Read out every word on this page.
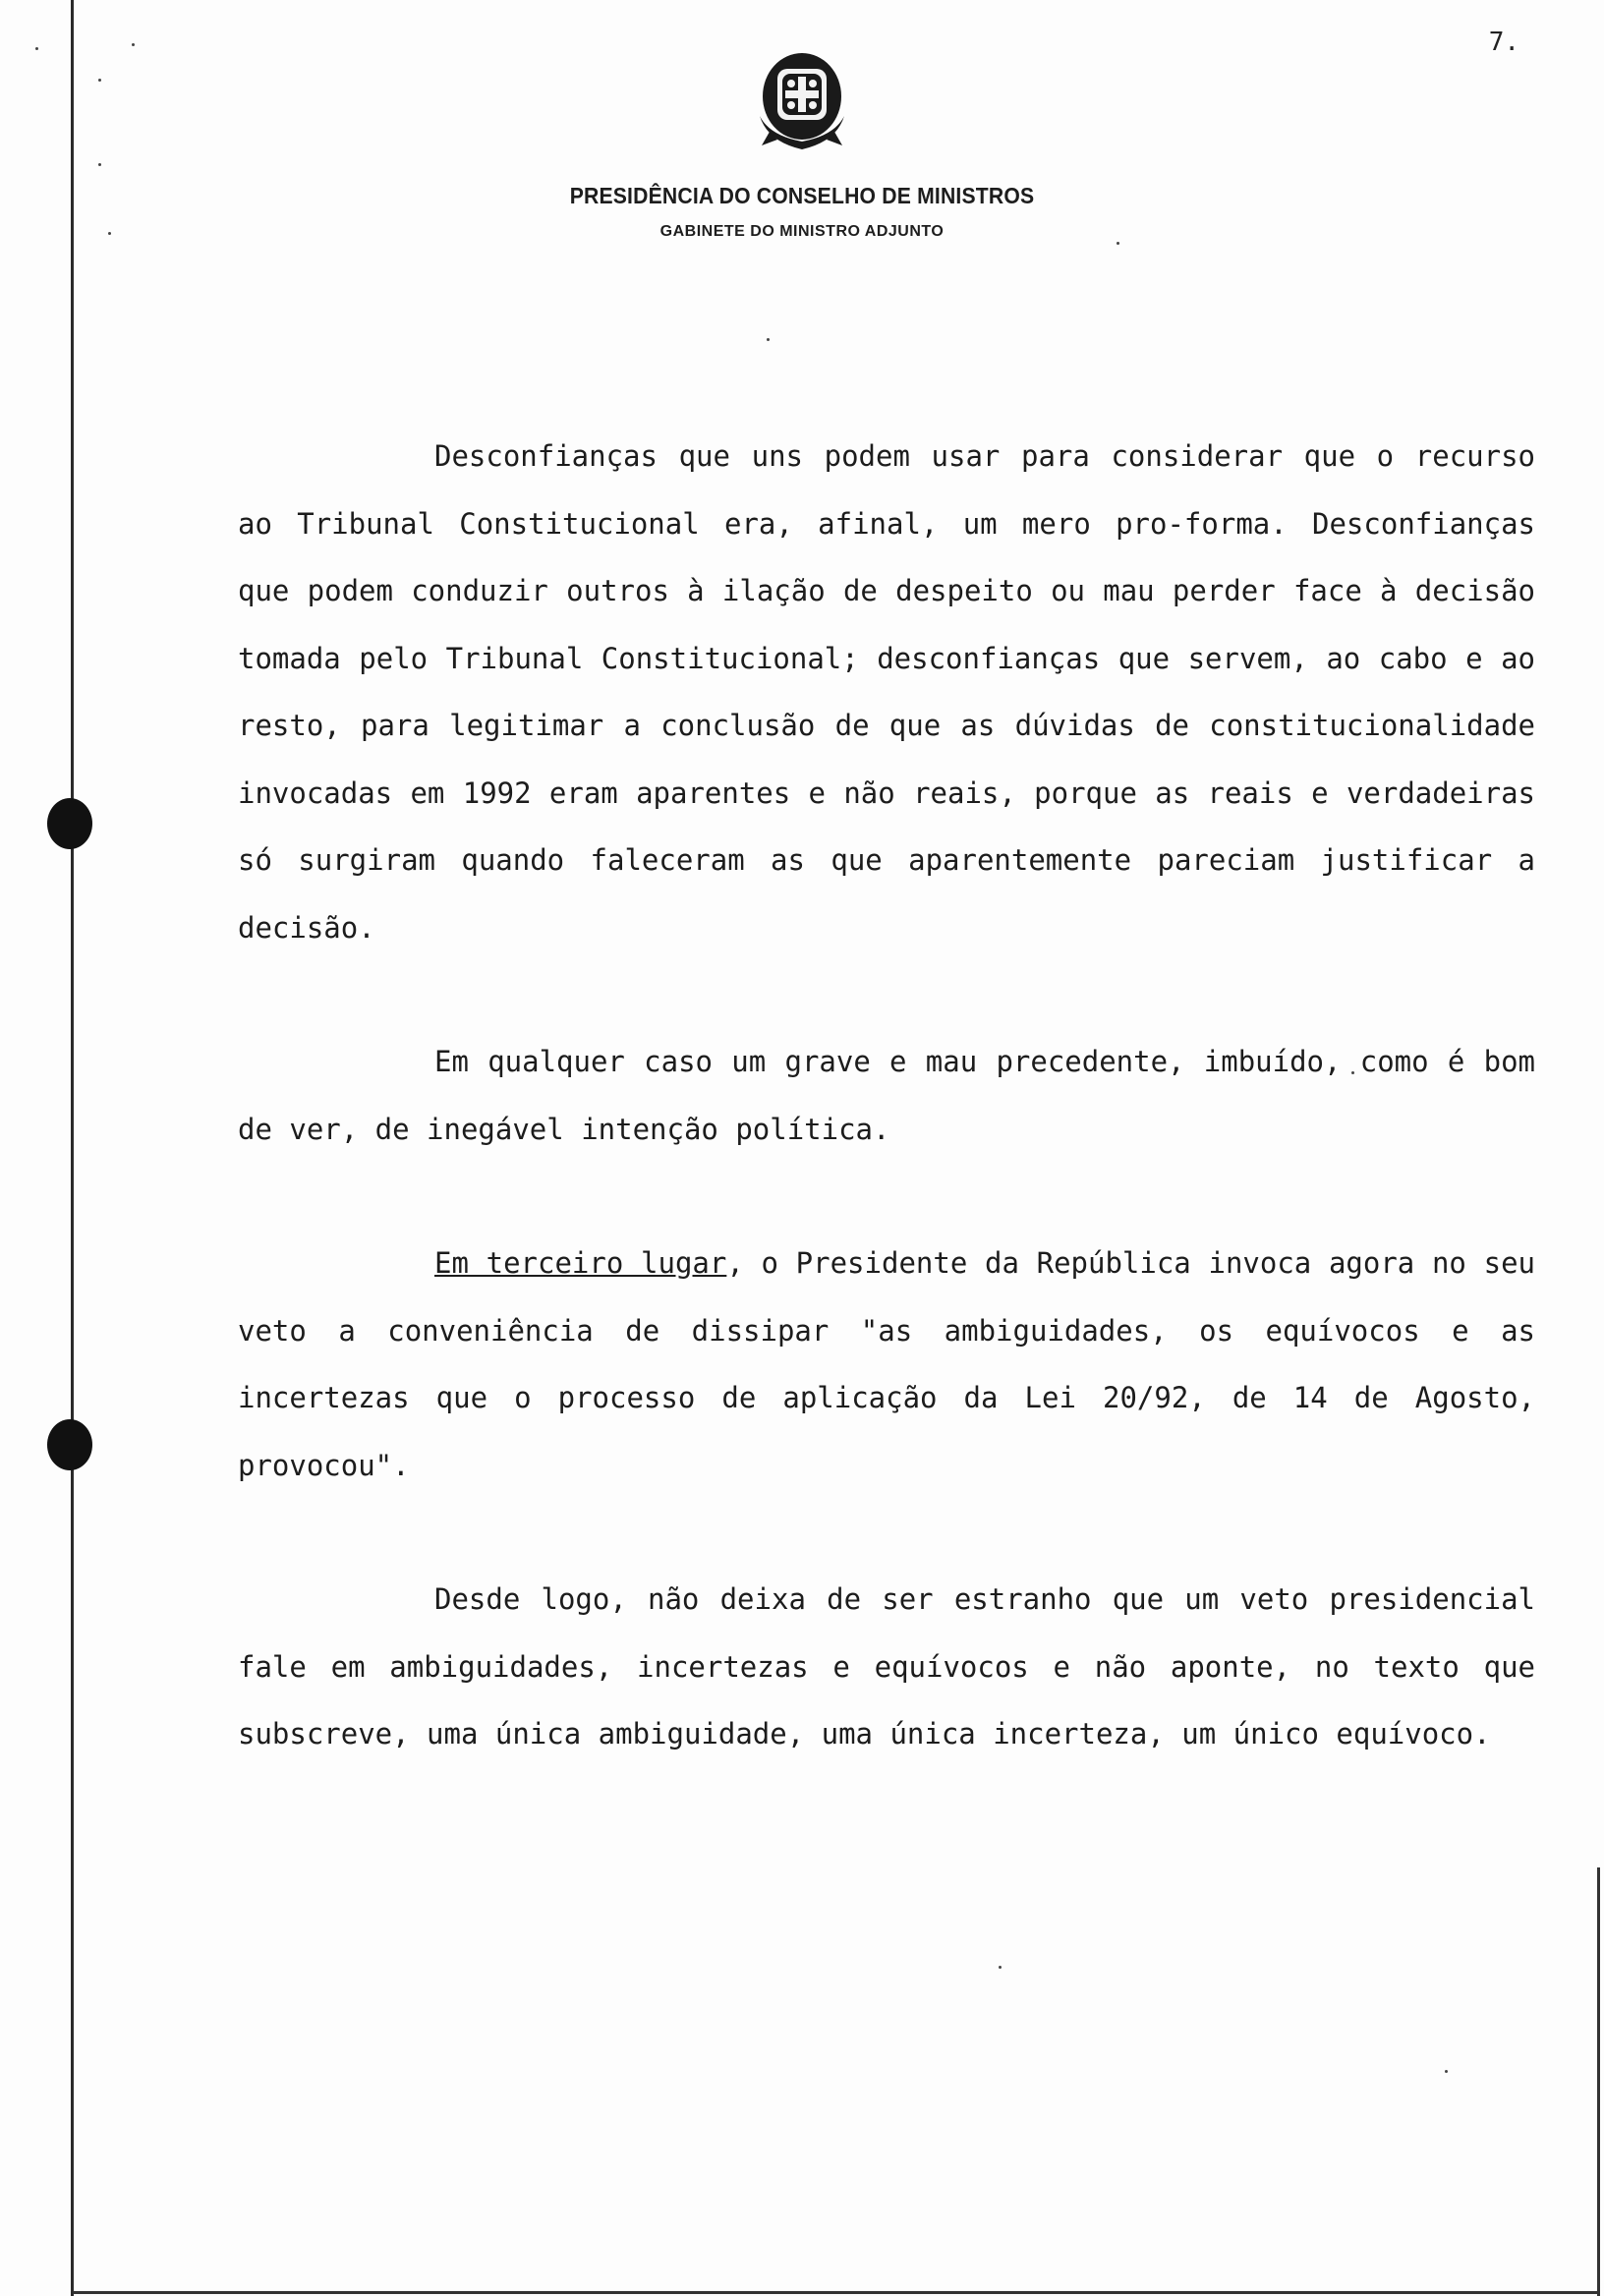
7.
PRESIDÊNCIA DO CONSELHO DE MINISTROS
GABINETE DO MINISTRO ADJUNTO

Desconfianças que uns podem usar para considerar que o recurso ao Tribunal Constitucional era, afinal, um mero pro-forma. Desconfianças que podem conduzir outros à ilação de despeito ou mau perder face à decisão tomada pelo Tribunal Constitucional; desconfianças que servem, ao cabo e ao resto, para legitimar a conclusão de que as dúvidas de constitucionalidade invocadas em 1992 eram aparentes e não reais, porque as reais e verdadeiras só surgiram quando faleceram as que aparentemente pareciam justificar a decisão.

Em qualquer caso um grave e mau precedente, imbuído, como é bom de ver, de inegável intenção política.

Em terceiro lugar, o Presidente da República invoca agora no seu veto a conveniência de dissipar "as ambiguidades, os equívocos e as incertezas que o processo de aplicação da Lei 20/92, de 14 de Agosto, provocou".

Desde logo, não deixa de ser estranho que um veto presidencial fale em ambiguidades, incertezas e equívocos e não aponte, no texto que subscreve, uma única ambiguidade, uma única incerteza, um único equívoco.
